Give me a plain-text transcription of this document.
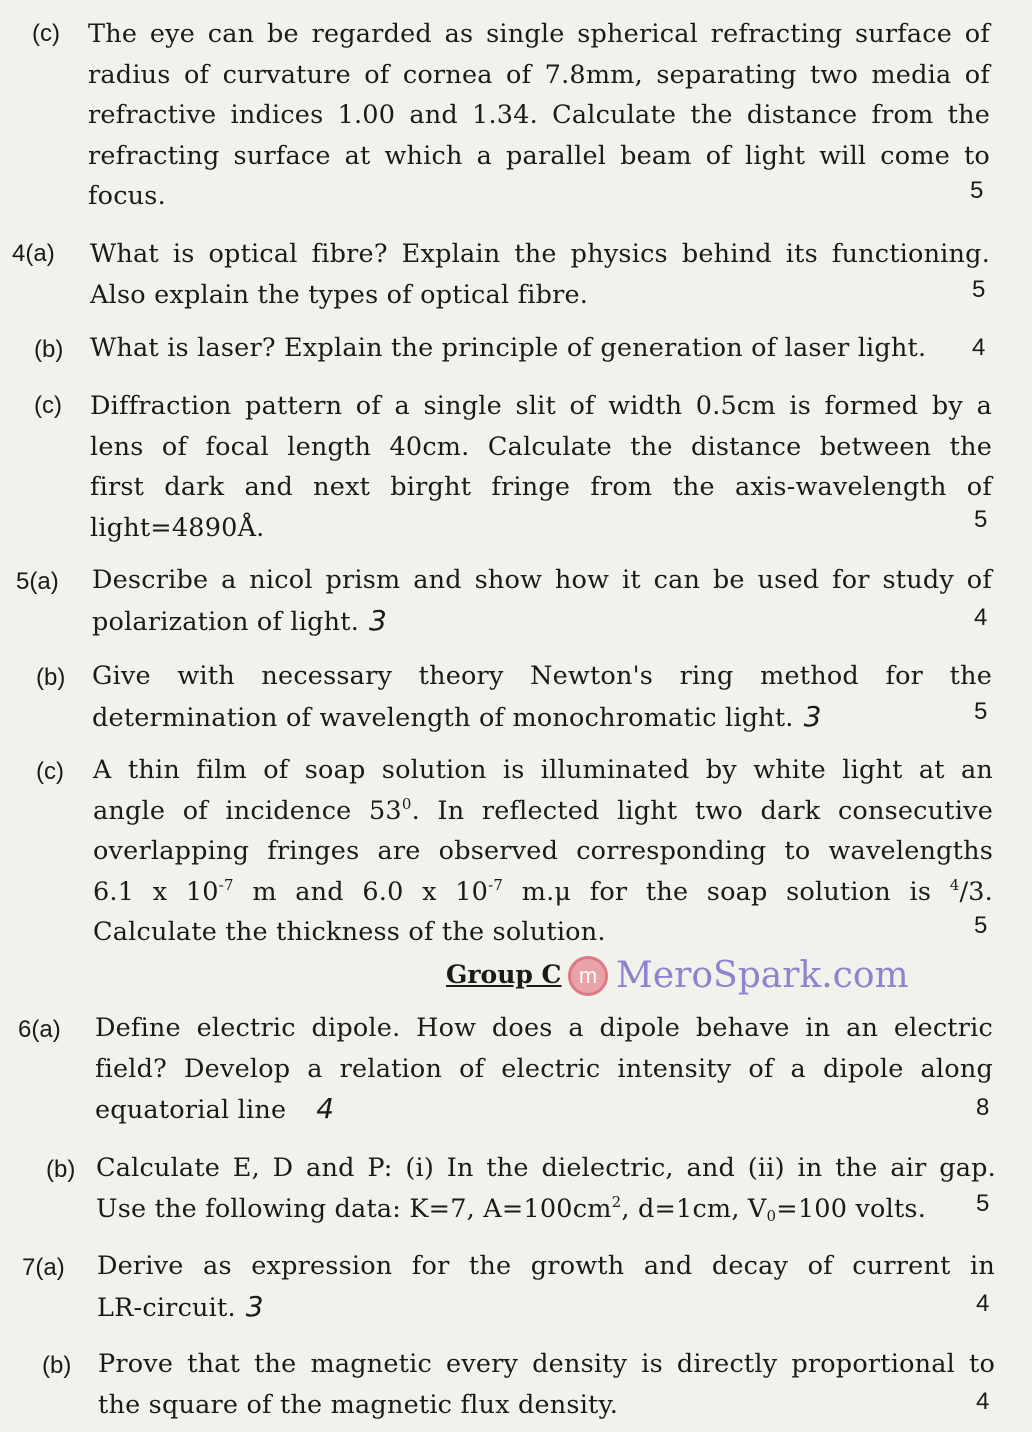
(c) The eye can be regarded as single spherical refracting surface of
radius of curvature of cornea of 7.8mm, separating two media of
refractive indices 1.00 and 1.34. Calculate the distance from the
refracting surface at which a parallel beam of light will come to
focus.	5
4(a) What is optical fibre? Explain the physics behind its functioning.
Also explain the types of optical fibre.	5
(b) What is laser? Explain the principle of generation of laser light.	4
(c) Diffraction pattern of a single slit of width 0.5cm is formed by a
lens of focal length 40cm. Calculate the distance between the
first dark and next birght fringe from the axis-wavelength of
light=4890Å.	5
5(a) Describe a nicol prism and show how it can be used for study of
polarization of light. 3	4
(b) Give with necessary theory Newton's ring method for the
determination of wavelength of monochromatic light. 3	5
(c) A thin film of soap solution is illuminated by white light at an
angle of incidence $53^0$. In reflected light two dark consecutive
overlapping fringes are observed corresponding to wavelengths
6.1 x $10^{-7}$ m and 6.0 x $10^{-7}$ m.μ for the soap solution is $^4$/3.
Calculate the thickness of the solution.	5
Group C m MeroSpark.com
6(a) Define electric dipole. How does a dipole behave in an electric
field? Develop a relation of electric intensity of a dipole along
equatorial line 4	8
(b) Calculate E, D and P: (i) In the dielectric, and (ii) in the air gap.
Use the following data: K=7, $A=100cm^2$, d=1cm, $V_0=100$ volts.	5
7(a) Derive as expression for the growth and decay of current in
LR-circuit. 3	4
(b) Prove that the magnetic every density is directly proportional to
the square of the magnetic flux density.	4
